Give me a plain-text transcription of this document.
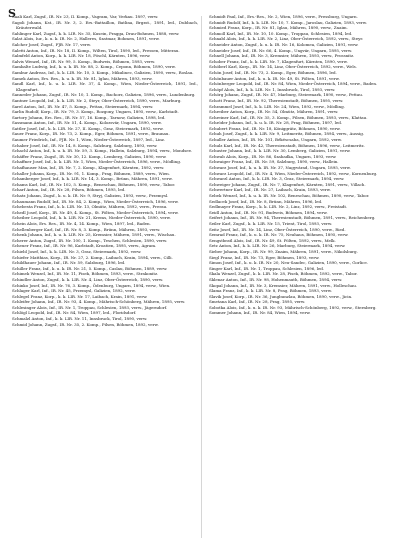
S

Saali Karl, Zugsf., IR. Nr. 23, II. Komp., Vagram, Var, Verkau. 1897, verw.

Sagoli Johann, Kst., IR. Nr. 3, 2. Ers.-Battaillon, Batlina, Brgzst., 1891, led., Dubbach, Kräuterwald.

Sahlinger Karl, Zugsf., k. k. LIR. Nr. 35, Kusein, Pragga, Drau-Bohmen, 1888, verw.

Salat Alois, Iur., k. u. k. IR. Nr. 2, Halleres, Szatmar, Bohmen, 1891, verw.

Salcher Josef, Zugsf., FJB. Nr. 17, verw.

Saletti Anton, Inf., IR. Nr. 18, II. Komp., Wilten, Tirol, 1890, led., Pressen, Mitterau.

Salmfeld Anton, Korp., k. k. LIR. Nr. 18, Pöschl, Kärnten, 1896, verw.

Salvis Wenzel, Inf., IR. Nr. 99, 5. Komp., Budweis, Böhmen, 1893, verw.

Sambalte Ludwig, Inf., k. u. k. IR. Nr. 88, 2. Komp., Ceponn, Böhmen, 1890, verw.

Sambur Andreas, Inf., k. k. LIR. Nr. 10, 3. Komp., Mikulinec, Galizien, 1890, verw., Roslau.

Samek Anton, Ers. Res., k. u. k. IR. Nr. 81, Iglau, Mähren, 1893, verw.

Sandl Karl, Inf., k. u. k. LIR. Nr. 37, 4. Komp., Wien, Nieder-Österreich, 1891, led., Klagenfurt.

Sanneder Johann, Zugsf., IR. Nr. 10, 1. Komp., Bachorz, Galizien, 1896, verw., Lundenburg.

Santner Leopold, Inf., k. k. LIR. Nr. 2, Steyr, Ober-Österreich, 1890, verw., Marburg.

Sarel Anton, Inf., IR. Nr. 47, 5. Komp., Pettau, Steiermark, 1894, verw.

Sarlin Rudolf, Korp., IR. Nr. 79, 3. Komp., Rozgony, Ungarn, 1895, verw., Karlstadt.

Sartory Johann, Ers. Res., IR. Nr. 57, 16. Komp., Tarnow, Galizien, 1898, led.

Sassmann Anton, Inf., IR. Nr. 51, 4. Komp., Kolozsvár, Ungarn, 1890, verw.

Sattler Josef, Inf., k. k. LIR. Nr. 27, II. Komp., Graz, Steiermark, 1892, verw.

Sauer Franz, Korp., IR. Nr. 73, 2. Komp., Eger, Böhmen, 1891, verw., Braunau.

Saumer Friedrich, Inf., FJB. Nr. 1, Wien, Nieder-Österreich, 1897, led., Linz.

Schaber Josef, Inf., IR. Nr. 14, 8. Komp., Salzburg, Salzburg, 1893, verw.

Schachl Anton, Inf., k. u. k. IR. Nr. 59, 3. Komp., Hallein, Salzburg, 1894, verw., Mondsee.

Schäffer Franz, Zugsf., IR. Nr. 30, 12. Komp., Lemberg, Galizien, 1890, verw.

Schaffner Josef, Inf., k. k. LIR. Nr. 1, Wien, Nieder-Österreich, 1896, verw., Mödling.

Schafhauser Max, Inf., IR. Nr. 7, 2. Komp., Klagenfurt, Kärnten, 1892, verw.

Schaller Johann, Korp., IR. Nr. 91, 1. Komp., Prag, Böhmen, 1889, verw., Wien.

Schamberger Josef, Inf., k. k. LIR. Nr. 14, 3. Komp., Brünn, Mähren, 1891, verw.

Schams Karl, Inf., IR. Nr. 102, 5. Komp., Beneschau, Böhmen, 1890, verw., Tabor.

Scharf Anton, Inf., IR. Nr. 28, Pilsen, Böhmen, 1895, led.

Schatz Johann, Zugsf., k. u. k. IR. Nr. 9, Stryj, Galizien, 1893, verw., Przemysl.

Schaumann Rudolf, Inf., IR. Nr. 84, 2. Komp., Wien, Nieder-Österreich, 1896, verw.

Schebesta Franz, Inf., k. k. LIR. Nr. 13, Olmütz, Mähren, 1892, verw., Prerau.

Schedl Josef, Korp., IR. Nr. 49, 4. Komp., St. Pölten, Nieder-Österreich, 1894, verw.

Scheiber Leopold, Inf., k. k. LIR. Nr. 21, Krems, Nieder-Österreich, 1890, verw.

Schein Alois, Ers. Res., IR. Nr. 4, 14. Komp., Wien, 1897, led., Baden.

Schellenberger Karl, Inf., IR. Nr. 8, 3. Komp., Brünn, Mähren, 1893, verw.

Schenk Johann, Inf., k. u. k. LIR. Nr. 25, Kremsier, Mähren, 1891, verw., Wischau.

Scherer Anton, Zugsf., IR. Nr. 100, 1. Komp., Teschen, Schlesien, 1890, verw.

Scheuer Franz, Inf., IR. Nr. 96, Karlstadt, Kroatien, 1895, verw., Agram.

Schiebl Josef, Inf., k. k. LIR. Nr. 3, Graz, Steiermark, 1892, verw.

Schiefer Matthias, Korp., IR. Nr. 27, 2. Komp., Laibach, Krain, 1894, verw., Cilli.

Schildhauer Johann, Inf., IR. Nr. 59, Salzburg, 1896, led.

Schiller Franz, Inf., k. u. k. IR. Nr. 21, 5. Komp., Caslau, Böhmen, 1889, verw.

Schimek Wenzel, Inf., IR. Nr. 11, Pisek, Böhmen, 1893, verw., Strakonitz.

Schindler Anton, Zugsf., k. k. LIR. Nr. 4, Linz, Ober-Österreich, 1890, verw.

Schinko Josef, Inf., IR. Nr. 76, 3. Komp., Ödenburg, Ungarn, 1894, verw., Wien.

Schlager Karl, Inf., IR. Nr. 45, Przemysl, Galizien, 1892, verw.

Schlegel Franz, Korp., k. k. LIR. Nr. 17, Laibach, Krain, 1891, verw.

Schleifer Johann, Inf., IR. Nr. 93, 4. Komp., Mährisch-Schönberg, Mähren, 1895, verw.

Schlesinger Alois, Inf., IR. Nr. 1, Troppau, Schlesien, 1893, verw., Jägerndorf.

Schlögl Leopold, Inf., IR. Nr. 84, Wien, 1897, led., Floridsdorf.

Schmalzl Anton, Inf., k. k. LIR. Nr. 11, Innsbruck, Tirol, 1890, verw.

Schmid Johann, Zugsf., IR. Nr. 35, 2. Komp., Pilsen, Böhmen, 1892, verw.

Schmidt Paul, Inf., Ers.-Res., Nr. 2, Wien, 1896, verw., Pressburg, Ungarn.

Schmidt Rudolf, Inf., k. k. LIR. Nr. 10, 7. Komp., Jaroslau, Galizien, 1893, verw.

Schmied Franz, Korp., IR. Nr. 81, Iglau, Mähren, 1890, verw., Znaim.

Schmoll Karl, Inf., IR. Nr. 10, 10. Komp., Troppau, Schlesien, 1894, led.

Schnabl Alois, Inf., k. k. LIR. Nr. 2, Linz, Ober-Österreich, 1892, verw., Steyr.

Schneider Anton, Zugsf., k. u. k. IR. Nr. 16, Kolomea, Galizien, 1891, verw.

Schneider Josef, Inf., IR. Nr. 66, 4. Komp., Ungvár, Ungarn, 1895, verw.

Schnell Johann, Inf., IR. Nr. 3, Kremsier, Mähren, 1893, verw., Prossnitz.

Schober Franz, Inf., k. k. LIR. Nr. 7, Klagenfurt, Kärnten, 1890, verw.

Schöberl Karl, Korp., IR. Nr. 14, Linz, Ober-Österreich, 1892, verw., Wels.

Schön Josef, Inf., IR. Nr. 73, 2. Komp., Eger, Böhmen, 1896, led.

Schönbauer Anton, Inf., k. u. k. IR. Nr. 49, St. Pölten, 1891, verw.

Schönberger Leopold, Inf., IR. Nr. 84, Wien, Nieder-Österreich, 1894, verw., Baden.

Schöpf Alois, Inf., k. k. LIR. Nr. 1, Innsbruck, Tirol, 1893, verw.

Schörg Johann, Zugsf., IR. Nr. 47, Marburg, Steiermark, 1890, verw., Pettau.

Schott Franz, Inf., IR. Nr. 92, Theresienstadt, Böhmen, 1895, verw.

Schrammel Josef, Inf., k. k. LIR. Nr. 24, Wien, 1892, verw., Mödling.

Schreiber Anton, Korp., IR. Nr. 54, Olmütz, Mähren, 1891, verw.

Schreiner Karl, Inf., IR. Nr. 35, 3. Komp., Pilsen, Böhmen, 1893, verw., Klattau.

Schröder Johann, Inf., k. u. k. IR. Nr. 28, Prag, Böhmen, 1897, led.

Schubert Franz, Inf., IR. Nr. 18, Königgrätz, Böhmen, 1890, verw.

Schuh Josef, Zugsf., k. k. LIR. Nr. 9, Leitmeritz, Böhmen, 1894, verw., Aussig.

Schuller Anton, Inf., IR. Nr. 101, Békéscsaba, Ungarn, 1892, verw.

Schulz Karl, Inf., IR. Nr. 42, Theresienstadt, Böhmen, 1896, verw., Leitmeritz.

Schuster Johann, Inf., k. k. LIR. Nr. 30, Lemberg, Galizien, 1891, verw.

Schwab Alois, Korp., IR. Nr. 86, Szabadka, Ungarn, 1893, verw.

Schwaiger Franz, Inf., IR. Nr. 59, Salzburg, 1890, verw., Hallein.

Schwarz Josef, Inf., k. u. k. IR. Nr. 37, Nagyvárad, Ungarn, 1895, verw.

Schwarz Leopold, Inf., IR. Nr. 4, Wien, Nieder-Österreich, 1892, verw., Korneuburg.

Schwarzl Anton, Inf., k. k. LIR. Nr. 3, Graz, Steiermark, 1894, verw.

Schweiger Johann, Zugsf., IR. Nr. 7, Klagenfurt, Kärnten, 1891, verw., Villach.

Schwertner Karl, Inf., IR. Nr. 27, Laibach, Krain, 1893, verw.

Sebek Wenzel, Inf., k. u. k. IR. Nr. 102, Beneschau, Böhmen, 1890, verw., Tabor.

Sedlacek Josef, Inf., IR. Nr. 8, Brünn, Mähren, 1896, led.

Sedlmayer Franz, Korp., k. k. LIR. Nr. 2, Linz, 1892, verw., Freistadt.

Seidl Anton, Inf., IR. Nr. 91, Budweis, Böhmen, 1894, verw.

Seifert Johann, Inf., IR. Nr. 94, Theresienstadt, Böhmen, 1891, verw., Reichenberg.

Seiler Karl, Zugsf., k. k. LIR. Nr. 15, Trient, Tirol, 1893, verw.

Seitz Josef, Inf., IR. Nr. 14, Linz, Ober-Österreich, 1890, verw., Ried.

Semrad Franz, Inf., k. u. k. IR. Nr. 75, Neuhaus, Böhmen, 1895, verw.

Sengstbratl Alois, Inf., IR. Nr. 49, St. Pölten, 1892, verw., Melk.

Setz Anton, Inf., k. k. LIR. Nr. 26, Marburg, Steiermark, 1894, verw.

Sieber Johann, Korp., IR. Nr. 99, Znaim, Mähren, 1891, verw., Nikolsburg.

Siegl Franz, Inf., IR. Nr. 73, Eger, Böhmen, 1893, verw.

Simon Josef, Inf., k. u. k. IR. Nr. 20, Neu-Sandec, Galizien, 1890, verw., Gorlice.

Singer Karl, Inf., IR. Nr. 1, Troppau, Schlesien, 1896, led.

Skala Wenzel, Zugsf., k. k. LIR. Nr. 28, Pisek, Böhmen, 1892, verw., Tabor.

Sklenar Anton, Inf., IR. Nr. 98, Hohenmauth, Böhmen, 1894, verw.

Skopal Johann, Inf., IR. Nr. 3, Kremsier, Mähren, 1891, verw., Holleschau.

Slama Franz, Inf., k. k. LIR. Nr. 8, Prag, Böhmen, 1893, verw.

Slavik Josef, Korp., IR. Nr. 36, Jungbunzlau, Böhmen, 1890, verw., Jicin.

Smetana Karl, Inf., IR. Nr. 28, Prag, 1895, verw.

Sobotka Alois, Inf., k. u. k. IR. Nr. 93, Mährisch-Schönberg, 1892, verw., Sternberg.

Sommer Johann, Inf., IR. Nr. 84, Wien, 1894, verw.
